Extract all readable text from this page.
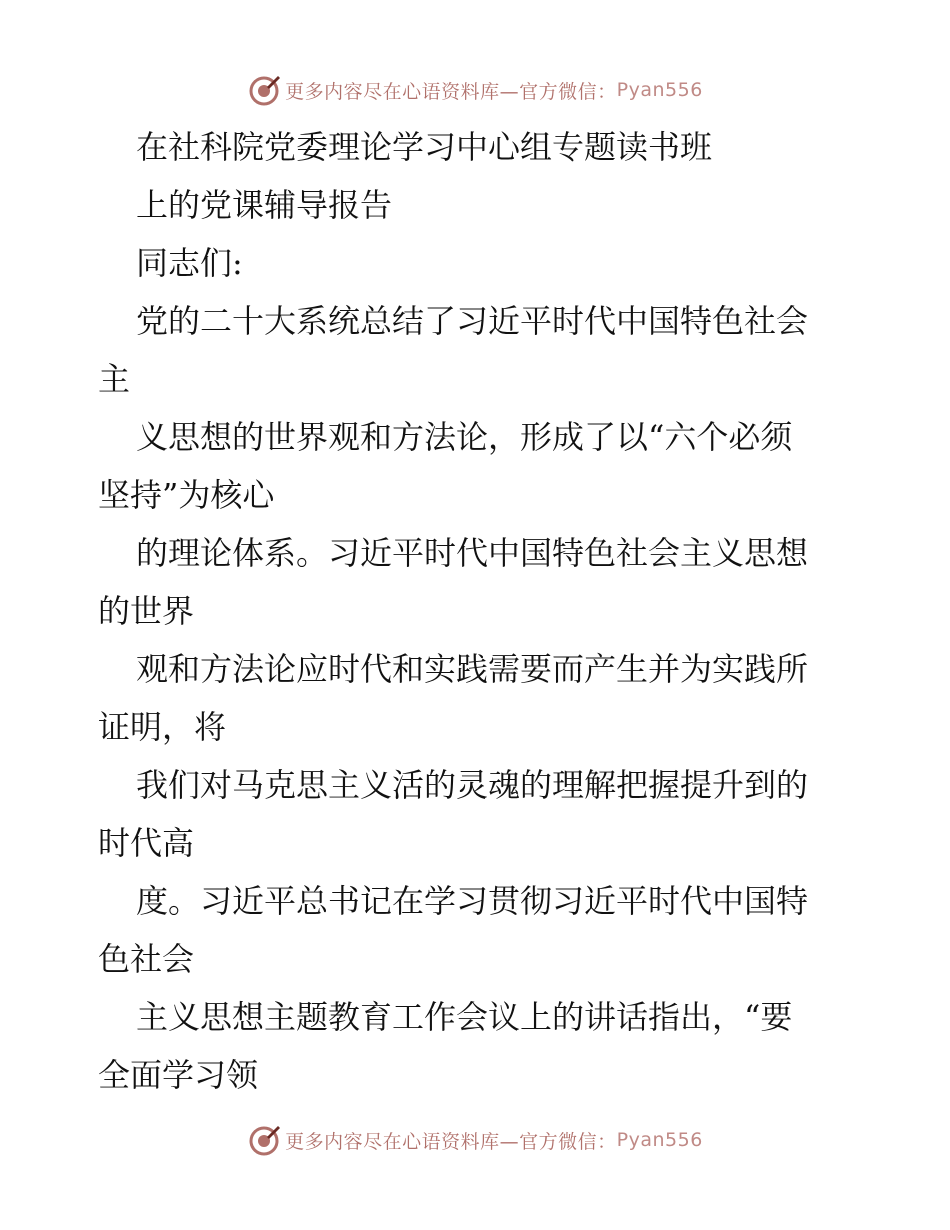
更多内容尽在心语资料库—官方微信： Pyan556
在社科院党委理论学习中心组专题读书班
上的党课辅导报告
同志们:
党的二十大系统总结了习近平时代中国特色社会
主
义思想的世界观和方法论，形成了以“六个必须
坚持”为核心
的理论体系。习近平时代中国特色社会主义思想
的世界
观和方法论应时代和实践需要而产生并为实践所
证明，将
我们对马克思主义活的灵魂的理解把握提升到的
时代高
度。习近平总书记在学习贯彻习近平时代中国特
色社会
主义思想主题教育工作会议上的讲话指出，“要
全面学习领
更多内容尽在心语资料库—官方微信： Pyan556
